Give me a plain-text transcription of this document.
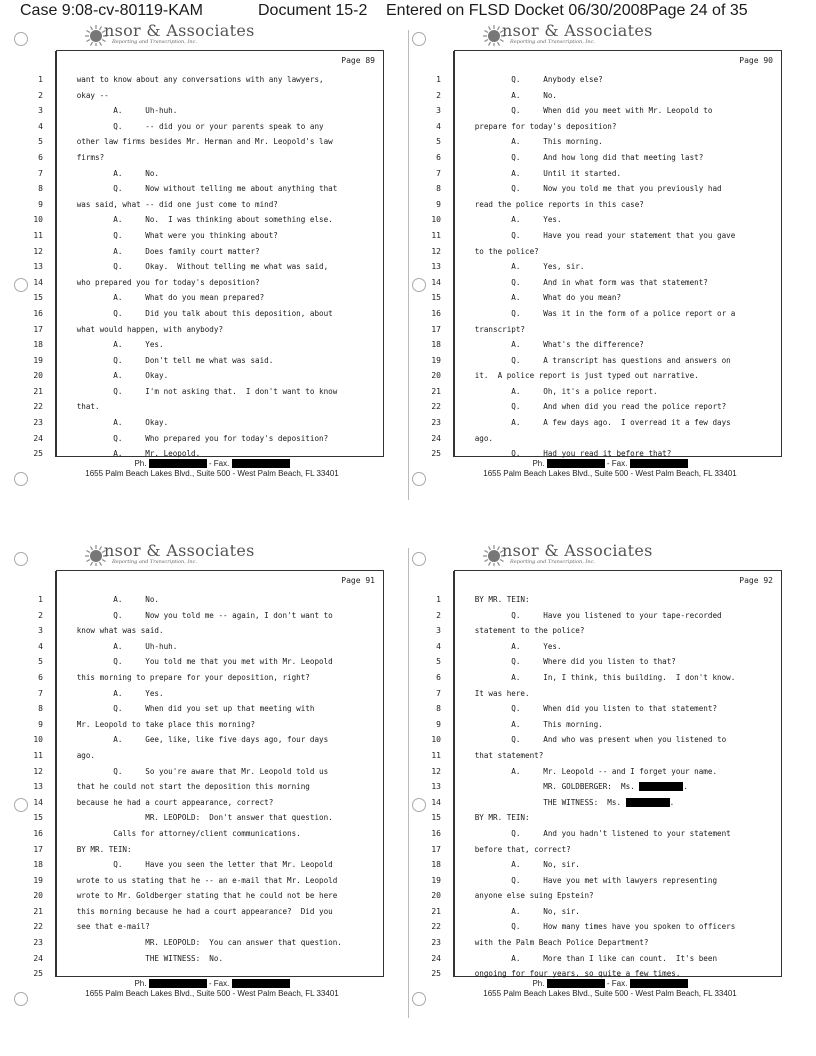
Case 9:08-cv-80119-KAM	Document 15-2 Entered on FLSD Docket 06/30/2008 Page 24 of 35
nsor & Associates
Reporting and Transcription, Inc.
Page 89
1	want to know about any conversations with any lawyers,
2	okay --
3	A.     Uh-huh.
4	Q.     -- did you or your parents speak to any
5	other law firms besides Mr. Herman and Mr. Leopold's law
6	firms?
7	A.     No.
8	Q.     Now without telling me about anything that
9	was said, what -- did one just come to mind?
10	A.     No.  I was thinking about something else.
11	Q.     What were you thinking about?
12	A.     Does family court matter?
13	Q.     Okay.  Without telling me what was said,
14	who prepared you for today's deposition?
15	A.     What do you mean prepared?
16	Q.     Did you talk about this deposition, about
17	what would happen, with anybody?
18	A.     Yes.
19	Q.     Don't tell me what was said.
20	A.     Okay.
21	Q.     I'm not asking that.  I don't want to know
22	that.
23	A.     Okay.
24	Q.     Who prepared you for today's deposition?
25	A.     Mr. Leopold.
Ph.	- Fax.
1655 Palm Beach Lakes Blvd., Suite 500 - West Palm Beach, FL 33401
nsor & Associates
Reporting and Transcription, Inc.
Page 90
1	Q.     Anybody else?
2	A.     No.
3	Q.     When did you meet with Mr. Leopold to
4	prepare for today's deposition?
5	A.     This morning.
6	Q.     And how long did that meeting last?
7	A.     Until it started.
8	Q.     Now you told me that you previously had
9	read the police reports in this case?
10	A.     Yes.
11	Q.     Have you read your statement that you gave
12	to the police?
13	A.     Yes, sir.
14	Q.     And in what form was that statement?
15	A.     What do you mean?
16	Q.     Was it in the form of a police report or a
17	transcript?
18	A.     What's the difference?
19	Q.     A transcript has questions and answers on
20	it.  A police report is just typed out narrative.
21	A.     Oh, it's a police report.
22	Q.     And when did you read the police report?
23	A.     A few days ago.  I overread it a few days
24	ago.
25	Q.     Had you read it before that?
Ph.	- Fax.
1655 Palm Beach Lakes Blvd., Suite 500 - West Palm Beach, FL 33401
nsor & Associates
Reporting and Transcription, Inc.
Page 91
1	A.     No.
2	Q.     Now you told me -- again, I don't want to
3	know what was said.
4	A.     Uh-huh.
5	Q.     You told me that you met with Mr. Leopold
6	this morning to prepare for your deposition, right?
7	A.     Yes.
8	Q.     When did you set up that meeting with
9	Mr. Leopold to take place this morning?
10	A.     Gee, like, like five days ago, four days
11	ago.
12	Q.     So you're aware that Mr. Leopold told us
13	that he could not start the deposition this morning
14	because he had a court appearance, correct?
15	MR. LEOPOLD:  Don't answer that question.
16	Calls for attorney/client communications.
17	BY MR. TEIN:
18	Q.     Have you seen the letter that Mr. Leopold
19	wrote to us stating that he -- an e-mail that Mr. Leopold
20	wrote to Mr. Goldberger stating that he could not be here
21	this morning because he had a court appearance?  Did you
22	see that e-mail?
23	MR. LEOPOLD:  You can answer that question.
24	THE WITNESS:  No.
25
Ph.	- Fax.
1655 Palm Beach Lakes Blvd., Suite 500 - West Palm Beach, FL 33401
nsor & Associates
Reporting and Transcription, Inc.
Page 92
1	BY MR. TEIN:
2	Q.     Have you listened to your tape-recorded
3	statement to the police?
4	A.     Yes.
5	Q.     Where did you listen to that?
6	A.     In, I think, this building.  I don't know.
7	It was here.
8	Q.     When did you listen to that statement?
9	A.     This morning.
10	Q.     And who was present when you listened to
11	that statement?
12	A.     Mr. Leopold -- and I forget your name.
13	MR. GOLDBERGER:  Ms.	.
14	THE WITNESS:  Ms.	.
15	BY MR. TEIN:
16	Q.     And you hadn't listened to your statement
17	before that, correct?
18	A.     No, sir.
19	Q.     Have you met with lawyers representing
20	anyone else suing Epstein?
21	A.     No, sir.
22	Q.     How many times have you spoken to officers
23	with the Palm Beach Police Department?
24	A.     More than I like can count.  It's been
25	ongoing for four years, so quite a few times.
Ph.	- Fax.
1655 Palm Beach Lakes Blvd., Suite 500 - West Palm Beach, FL 33401
